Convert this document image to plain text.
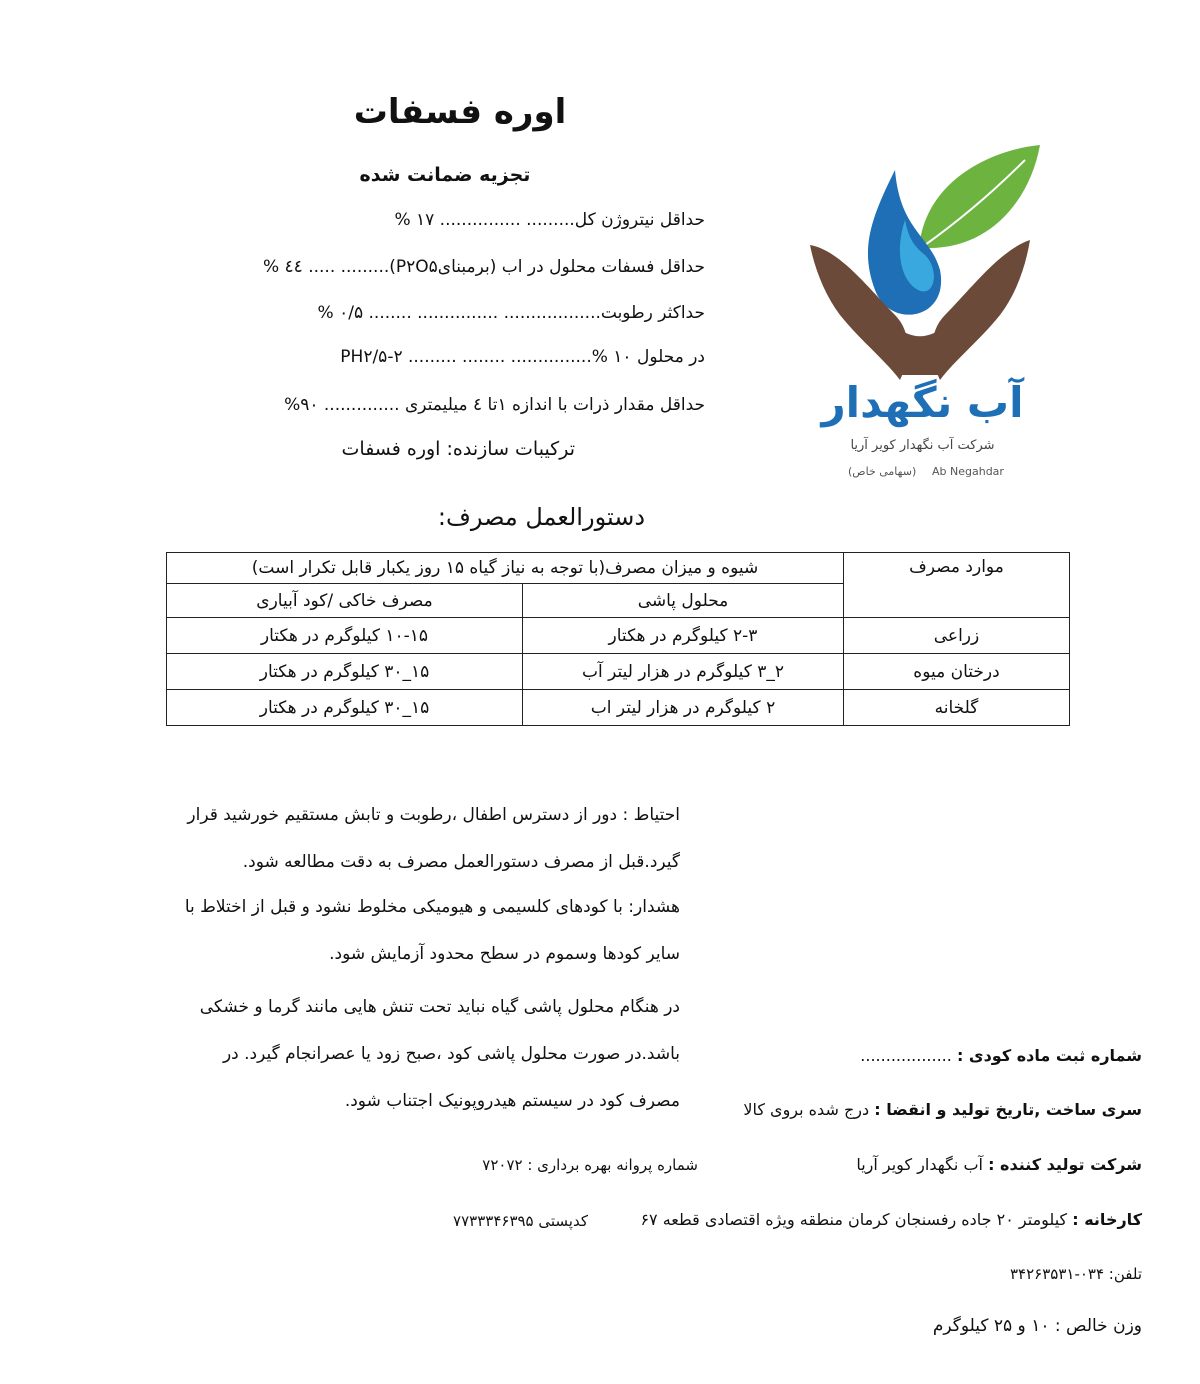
اوره فسفات
تجزیه ضمانت شده
حداقل نیتروژن کل......... ............... ۱۷ %
حداقل فسفات محلول در اب (برمبنایP۲O۵)......... ..... ٤٤ %
حداکثر رطوبت.................. ............... ........ ۰/۵ %
PHدر محلول ۱۰ %............... ........ ......... ۲-۲/۵
حداقل مقدار ذرات با اندازه ۱تا ٤ میلیمتری .............. ۹۰%
ترکیبات سازنده: اوره فسفات
دستورالعمل مصرف:
آب نگهدار
شرکت آب نگهدار کویر آریا
(سهامی خاص) Ab Negahdar
موارد مصرف	شیوه و میزان مصرف(با توجه به نیاز گیاه ۱۵ روز یکبار قابل تکرار است)	
	محلول پاشی	مصرف خاکی /کود آبیاری
زراعی	۲-۳ کیلوگرم در هکتار	۱۰-۱۵ کیلوگرم در هکتار
درختان میوه	۲_۳ کیلوگرم در هزار لیتر آب	۱۵_۳۰ کیلوگرم در هکتار
گلخانه	۲ کیلوگرم در هزار لیتر اب	۱۵_۳۰ کیلوگرم در هکتار
احتیاط : دور از دسترس اطفال ،رطوبت و تابش مستقیم خورشید قرار
گیرد.قبل از مصرف دستورالعمل مصرف به دقت مطالعه شود.
هشدار: با کودهای کلسیمی و هیومیکی مخلوط نشود و قبل از اختلاط با
سایر کودها وسموم در سطح محدود آزمایش شود.
در هنگام محلول پاشی گیاه نباید تحت تنش هایی مانند گرما و خشکی
باشد.در صورت محلول پاشی کود ،صبح زود یا عصرانجام گیرد. در
مصرف کود در سیستم هیدروپونیک اجتناب شود.
شماره ثبت ماده کودی : ..................
سری ساخت ,تاریخ تولید و انقضا : درج شده بروی کالا
شرکت تولید کننده : آب نگهدار کویر آریا
کارخانه : کیلومتر ۲۰ جاده رفسنجان کرمان منطقه ویژه اقتصادی قطعه ۶۷
تلفن: ۰۳۴-۳۴۲۶۳۵۳۱
وزن خالص : ۱۰ و ۲۵ کیلوگرم
شماره پروانه بهره برداری : ۷۲۰۷۲
کدپستی ۷۷۳۳۳۴۶۳۹۵
